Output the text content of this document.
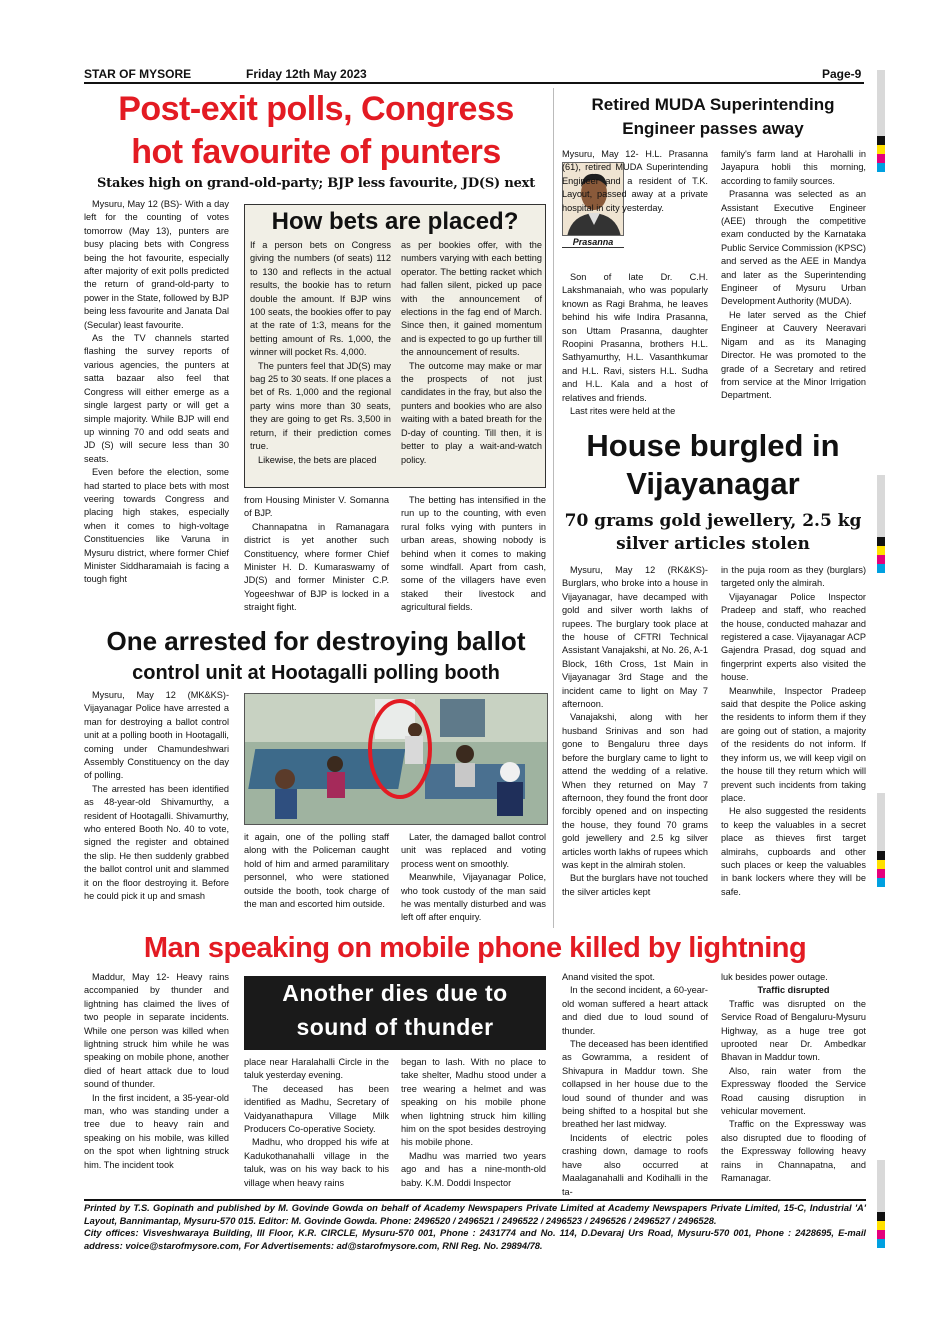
STAR OF MYSORE	Friday 12th May 2023	Page-9
Post-exit polls, Congress
hot favourite of punters
Stakes high on grand-old-party; BJP less favourite, JD(S) next

Mysuru, May 12 (BS)- With a day left for the counting of votes tomorrow (May 13), punters are busy placing bets with Congress being the hot favourite, especially after majority of exit polls predicted the return of grand-old-party to power in the State, followed by BJP being less favourite and Janata Dal (Secular) least favourite.

As the TV channels started flashing the survey reports of various agencies, the punters at satta bazaar also feel that Congress will either emerge as a single largest party or will get a simple majority. While BJP will end up winning 70 and odd seats and JD (S) will secure less than 30 seats.

Even before the election, some had started to place bets with most veering towards Congress and placing high stakes, especially when it comes to high-voltage Constituencies like Varuna in Mysuru district, where former Chief Minister Siddharamaiah is facing a tough fight

How bets are placed?

If a person bets on Congress giving the numbers (of seats) 112 to 130 and reflects in the actual results, the bookie has to return double the amount. If BJP wins 100 seats, the bookies offer to pay at the rate of 1:3, means for the betting amount of Rs. 1,000, the winner will pocket Rs. 4,000.

The punters feel that JD(S) may bag 25 to 30 seats. If one places a bet of Rs. 1,000 and the regional party wins more than 30 seats, they are going to get Rs. 3,500 in return, if their prediction comes true.

Likewise, the bets are placed

as per bookies offer, with the numbers varying with each betting operator. The betting racket which had fallen silent, picked up pace with the announcement of elections in the fag end of March. Since then, it gained momentum and is expected to go up further till the announcement of results.

The outcome may make or mar the prospects of not just candidates in the fray, but also the punters and bookies who are also waiting with a bated breath for the D-day of counting. Till then, it is better to play a wait-and-watch policy.

from Housing Minister V. Somanna of BJP.

Channapatna in Ramanagara district is yet another such Constituency, where former Chief Minister H. D. Kumaraswamy of JD(S) and former Minister C.P. Yogeeshwar of BJP is locked in a straight fight.

The betting has intensified in the run up to the counting, with even rural folks vying with punters in urban areas, showing nobody is behind when it comes to making some windfall. Apart from cash, some of the villagers have even staked their livestock and agricultural fields.

Retired MUDA Superintending
Engineer passes away
Prasanna

Mysuru, May 12- H.L. Prasanna (61), retired MUDA Superintending Engineer and a resident of T.K. Layout, passed away at a private hospital in city yesterday.

Son of late Dr. C.H. Lakshmanaiah, who was popularly known as Ragi Brahma, he leaves behind his wife Indira Prasanna, son Uttam Prasanna, daughter Roopini Prasanna, brothers H.L. Sathyamurthy, H.L. Vasanthkumar and H.L. Ravi, sisters H.L. Sudha and H.L. Kala and a host of relatives and friends.

Last rites were held at the

family's farm land at Harohalli in Jayapura hobli this morning, according to family sources.

Prasanna was selected as an Assistant Executive Engineer (AEE) through the competitive exam conducted by the Karnataka Public Service Commission (KPSC) and served as the AEE in Mandya and later as the Superintending Engineer of Mysuru Urban Development Authority (MUDA).

He later served as the Chief Engineer at Cauvery Neeravari Nigam and as its Managing Director. He was promoted to the grade of a Secretary and retired from service at the Minor Irrigation Department.

House burgled in
Vijayanagar
70 grams gold jewellery, 2.5 kg
silver articles stolen

Mysuru, May 12 (RK&KS)- Burglars, who broke into a house in Vijayanagar, have decamped with gold and silver worth lakhs of rupees. The burglary took place at the house of CFTRI Technical Assistant Vanajakshi, at No. 26, A-1 Block, 16th Cross, 1st Main in Vijayanagar 3rd Stage and the incident came to light on May 7 afternoon.

Vanajakshi, along with her husband Srinivas and son had gone to Bengaluru three days before the burglary came to light to attend the wedding of a relative. When they returned on May 7 afternoon, they found the front door forcibly opened and on inspecting the house, they found 70 grams gold jewellery and 2.5 kg silver articles worth lakhs of rupees which was kept in the almirah stolen.

But the burglars have not touched the silver articles kept

in the puja room as they (burglars) targeted only the almirah.

Vijayanagar Police Inspector Pradeep and staff, who reached the house, conducted mahazar and registered a case. Vijayanagar ACP Gajendra Prasad, dog squad and fingerprint experts also visited the house.

Meanwhile, Inspector Pradeep said that despite the Police asking the residents to inform them if they are going out of station, a majority of the residents do not inform. If they inform us, we will keep vigil on the house till they return which will prevent such incidents from taking place.

He also suggested the residents to keep the valuables in a secret place as thieves first target almirahs, cupboards and other such places or keep the valuables in bank lockers where they will be safe.

One arrested for destroying ballot
control unit at Hootagalli polling booth

Mysuru, May 12 (MK&KS)- Vijayanagar Police have arrested a man for destroying a ballot control unit at a polling booth in Hootagalli, coming under Chamundeshwari Assembly Constituency on the day of polling.

The arrested has been identified as 48-year-old Shivamurthy, a resident of Hootagalli. Shivamurthy, who entered Booth No. 40 to vote, signed the register and obtained the slip. He then suddenly grabbed the ballot control unit and slammed it on the floor destroying it. Before he could pick it up and smash

it again, one of the polling staff along with the Policeman caught hold of him and armed paramilitary personnel, who were stationed outside the booth, took charge of the man and escorted him outside.

Later, the damaged ballot control unit was replaced and voting process went on smoothly.

Meanwhile, Vijayanagar Police, who took custody of the man said he was mentally disturbed and was left off after enquiry.

Man speaking on mobile phone killed by lightning

Maddur, May 12- Heavy rains accompanied by thunder and lightning has claimed the lives of two people in separate incidents. While one person was killed when lightning struck him while he was speaking on mobile phone, another died of heart attack due to loud sound of thunder.

In the first incident, a 35-year-old man, who was standing under a tree due to heavy rain and speaking on his mobile, was killed on the spot when lightning struck him. The incident took

Another dies due to
sound of thunder

place near Haralahalli Circle in the taluk yesterday evening.

The deceased has been identified as Madhu, Secretary of Vaidyanathapura Village Milk Producers Co-operative Society.

Madhu, who dropped his wife at Kadukothanahalli village in the taluk, was on his way back to his village when heavy rains

began to lash. With no place to take shelter, Madhu stood under a tree wearing a helmet and was speaking on his mobile phone when lightning struck him killing him on the spot besides destroying his mobile phone.

Madhu was married two years ago and has a nine-month-old baby. K.M. Doddi Inspector

Anand visited the spot.

In the second incident, a 60-year-old woman suffered a heart attack and died due to loud sound of thunder.

The deceased has been identified as Gowramma, a resident of Shivapura in Maddur town. She collapsed in her house due to the loud sound of thunder and was being shifted to a hospital but she breathed her last midway.

Incidents of electric poles crashing down, damage to roofs have also occurred at Maalaganahalli and Kodihalli in the ta-

luk besides power outage.

Traffic disrupted

Traffic was disrupted on the Service Road of Bengaluru-Mysuru Highway, as a huge tree got uprooted near Dr. Ambedkar Bhavan in Maddur town.

Also, rain water from the Expressway flooded the Service Road causing disruption in vehicular movement.

Traffic on the Expressway was also disrupted due to flooding of the Expressway following heavy rains in Channapatna, and Ramanagar.

Printed by T.S. Gopinath and published by M. Govinde Gowda on behalf of Academy Newspapers Private Limited at Academy Newspapers Private Limited, 15-C, Industrial 'A' Layout, Bannimantap, Mysuru-570 015. Editor: M. Govinde Gowda. Phone: 2496520 / 2496521 / 2496522 / 2496523 / 2496526 / 2496527 / 2496528.
City offices: Visveshwaraya Building, III Floor, K.R. CIRCLE, Mysuru-570 001, Phone : 2431774 and No. 114, D.Devaraj Urs Road, Mysuru-570 001, Phone : 2428695, E-mail address: voice@starofmysore.com, For Advertisements: ad@starofmysore.com, RNI Reg. No. 29894/78.
